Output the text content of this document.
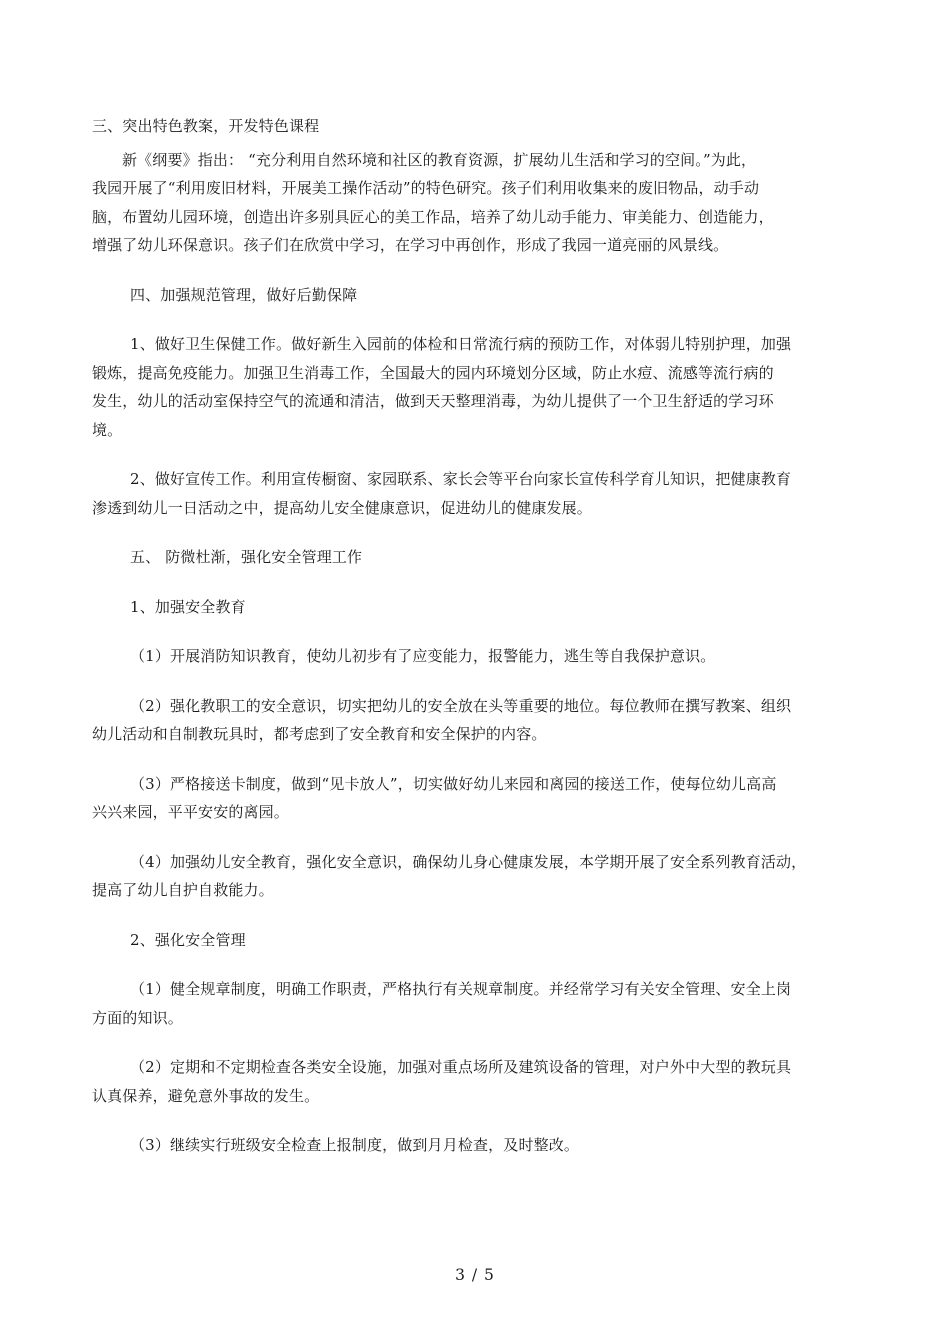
三、突出特色教案，开发特色课程
新《纲要》指出： “充分利用自然环境和社区的教育资源，扩展幼儿生活和学习的空间。”为此，
我园开展了“利用废旧材料，开展美工操作活动”的特色研究。孩子们利用收集来的废旧物品，动手动
脑，布置幼儿园环境，创造出许多别具匠心的美工作品，培养了幼儿动手能力、审美能力、创造能力，
增强了幼儿环保意识。孩子们在欣赏中学习，在学习中再创作，形成了我园一道亮丽的风景线。
四、加强规范管理，做好后勤保障
1、做好卫生保健工作。做好新生入园前的体检和日常流行病的预防工作，对体弱儿特别护理，加强
锻炼，提高免疫能力。加强卫生消毒工作，全国最大的园内环境划分区域，防止水痘、流感等流行病的
发生，幼儿的活动室保持空气的流通和清洁，做到天天整理消毒，为幼儿提供了一个卫生舒适的学习环
境。
2、做好宣传工作。利用宣传橱窗、家园联系、家长会等平台向家长宣传科学育儿知识，把健康教育
渗透到幼儿一日活动之中，提高幼儿安全健康意识，促进幼儿的健康发展。
五、 防微杜渐，强化安全管理工作
1、加强安全教育
（1）开展消防知识教育，使幼儿初步有了应变能力，报警能力，逃生等自我保护意识。
（2）强化教职工的安全意识，切实把幼儿的安全放在头等重要的地位。每位教师在撰写教案、组织
幼儿活动和自制教玩具时，都考虑到了安全教育和安全保护的内容。
（3）严格接送卡制度，做到“见卡放人”，切实做好幼儿来园和离园的接送工作，使每位幼儿高高
兴兴来园，平平安安的离园。
（4）加强幼儿安全教育，强化安全意识，确保幼儿身心健康发展，本学期开展了安全系列教育活动，
提高了幼儿自护自救能力。
2、强化安全管理
（1）健全规章制度，明确工作职责，严格执行有关规章制度。并经常学习有关安全管理、安全上岗
方面的知识。
（2）定期和不定期检查各类安全设施，加强对重点场所及建筑设备的管理，对户外中大型的教玩具
认真保养，避免意外事故的发生。
（3）继续实行班级安全检查上报制度，做到月月检查，及时整改。
3 / 5
